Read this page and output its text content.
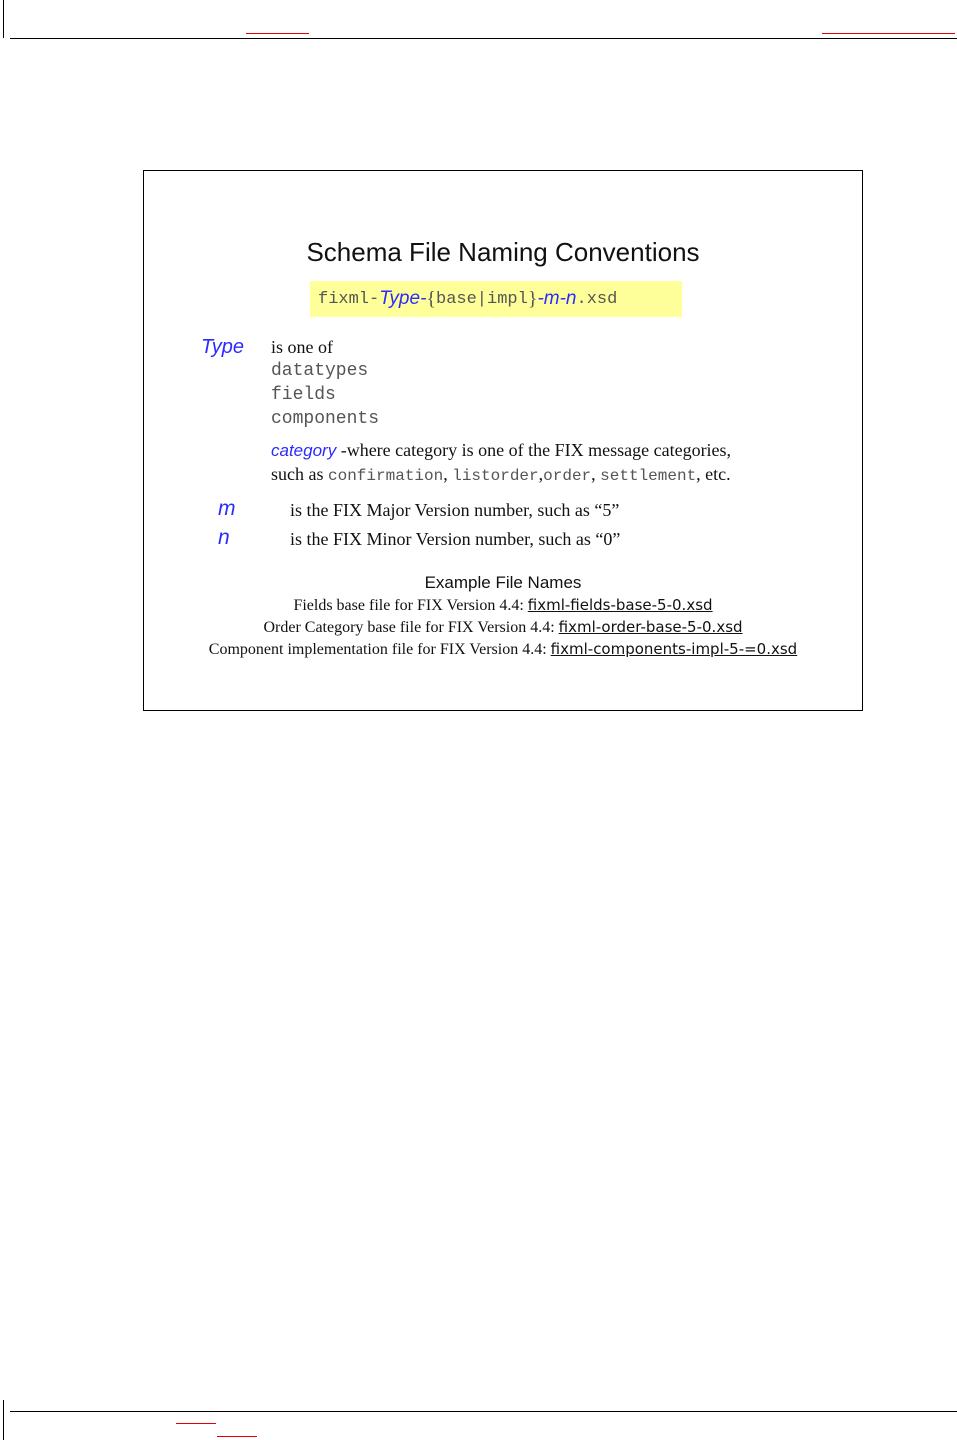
Schema File Naming Conventions
fixml- Type - { base|impl } - m - n .xsd
Type is one of
datatypes
fields
components
category -where category is one of the FIX message categories,
such as confirmation, listorder,order, settlement, etc.
m	is the FIX Major Version number, such as “5”
n	is the FIX Minor Version number, such as “0”
Example File Names
Fields base file for FIX Version 4.4: fixml-fields-base-5-0.xsd
Order Category base file for FIX Version 4.4: fixml-order-base-5-0.xsd
Component implementation file for FIX Version 4.4: fixml-components-impl-5-=0.xsd
